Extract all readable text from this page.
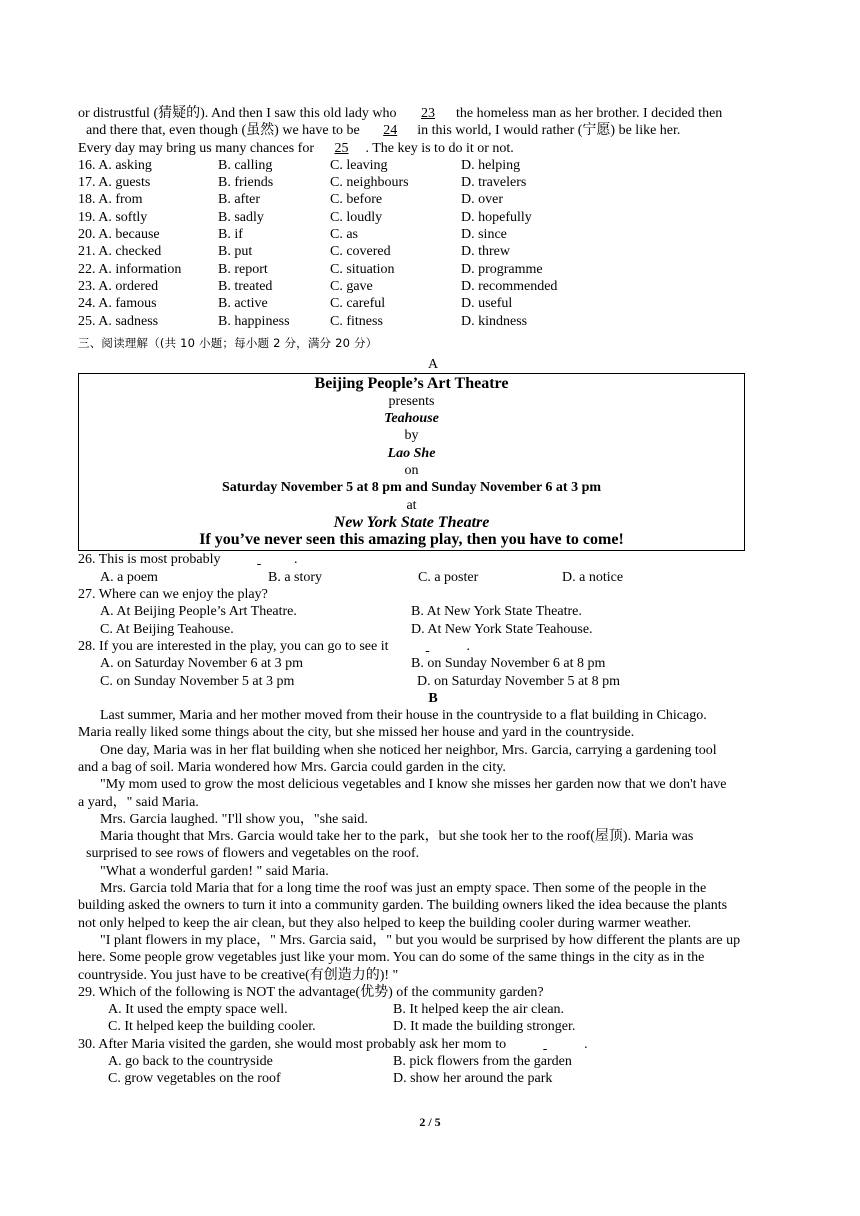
or distrustful (猜疑的). And then I saw this old lady who 23 the homeless man as her brother. I decided then
and there that, even though (虽然) we have to be 24 in this world, I would rather (宁愿) be like her.
Every day may bring us many chances for 25 . The key is to do it or not.
16. A. asking	B. calling	C. leaving	D. helping
17. A. guests	B. friends	C. neighbours	D. travelers
18. A. from	B. after	C. before	D. over
19. A. softly	B. sadly	C. loudly	D. hopefully
20. A. because	B. if	C. as	D. since
21. A. checked	B. put	C. covered	D. threw
22. A. information	B. report	C. situation	D. programme
23. A. ordered	B. treated	C. gave	D. recommended
24. A. famous	B. active	C. careful	D. useful
25. A. sadness	B. happiness	C. fitness	D. kindness
三、阅读理解（(共 10 小题；每小题 2 分，满分 20 分）
A
Beijing People’s Art Theatre
presents
Teahouse
by
Lao She
on
Saturday November 5 at 8 pm and Sunday November 6 at 3 pm
at
New York State Theatre
If you’ve never seen this amazing play, then you have to come!
26. This is most probably	.
A. a poem	B. a story	C. a poster	D. a notice
27. Where can we enjoy the play?
A. At Beijing People’s Art Theatre.	B. At New York State Theatre.
C. At Beijing Teahouse.	D. At New York State Teahouse.
28. If you are interested in the play, you can go to see it	.
A. on Saturday November 6 at 3 pm	B. on Sunday November 6 at 8 pm
C. on Sunday November 5 at 3 pm	D. on Saturday November 5 at 8 pm
B
Last summer, Maria and her mother moved from their house in the countryside to a flat building in Chicago.
Maria really liked some things about the city, but she missed her house and yard in the countryside.
One day, Maria was in her flat building when she noticed her neighbor, Mrs. Garcia, carrying a gardening tool
and a bag of soil. Maria wondered how Mrs. Garcia could garden in the city.
"My mom used to grow the most delicious vegetables and I know she misses her garden now that we don't have
a yard，" said Maria.
Mrs. Garcia laughed. "I'll show you，"she said.
Maria thought that Mrs. Garcia would take her to the park，but she took her to the roof(屋顶). Maria was
surprised to see rows of flowers and vegetables on the roof.
"What a wonderful garden! " said Maria.
Mrs. Garcia told Maria that for a long time the roof was just an empty space. Then some of the people in the
building asked the owners to turn it into a community garden. The building owners liked the idea because the plants
not only helped to keep the air clean, but they also helped to keep the building cooler during warmer weather.
"I plant flowers in my place，" Mrs. Garcia said，" but you would be surprised by how different the plants are up
here. Some people grow vegetables just like your mom. You can do some of the same things in the city as in the
countryside. You just have to be creative(有创造力的)! "
29. Which of the following is NOT the advantage(优势) of the community garden?
A. It used the empty space well.	B. It helped keep the air clean.
C. It helped keep the building cooler.	D. It made the building stronger.
30. After Maria visited the garden, she would most probably ask her mom to	.
A. go back to the countryside	B. pick flowers from the garden
C. grow vegetables on the roof	D. show her around the park
2 / 5
